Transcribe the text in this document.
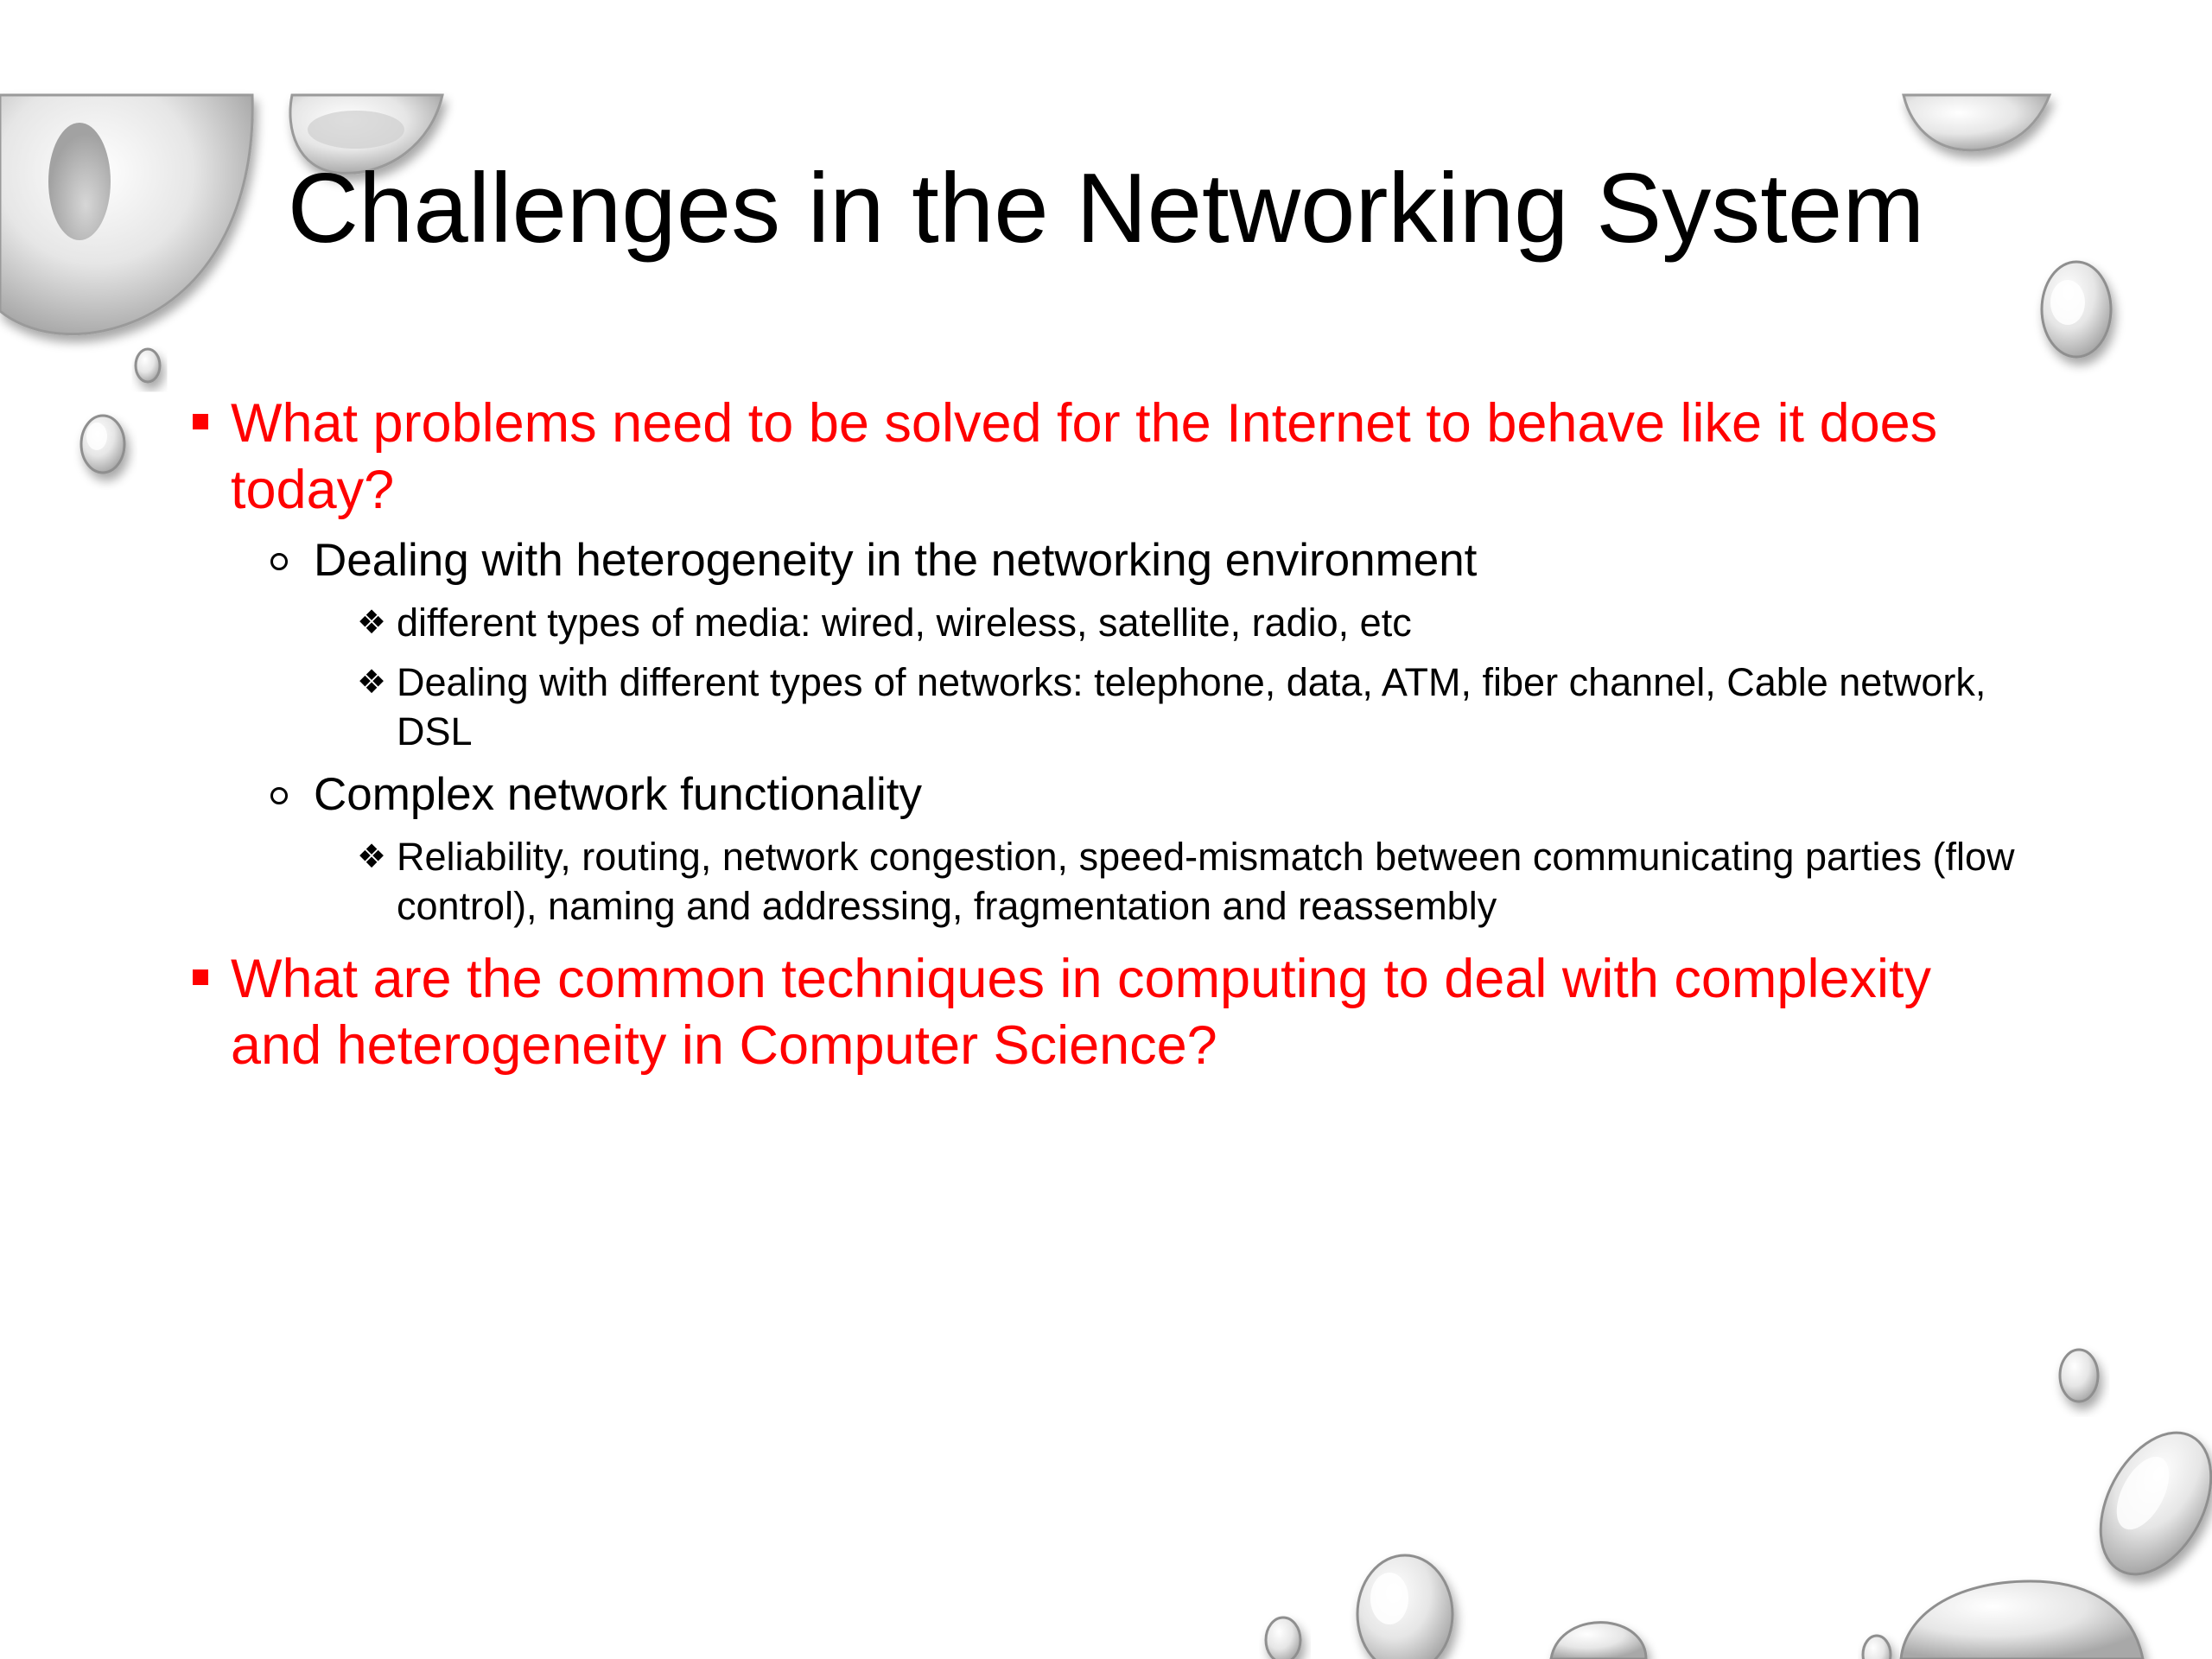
Challenges in the Networking System
What problems need to be solved for the Internet to behave like it does today?
Dealing with heterogeneity in the networking environment
❖ different types of media: wired, wireless, satellite, radio, etc
❖ Dealing with different types of networks: telephone, data, ATM, fiber channel, Cable network, DSL
Complex network functionality
❖ Reliability, routing, network congestion, speed-mismatch between communicating parties (flow control), naming and addressing, fragmentation and reassembly
What are the common techniques in computing to deal with complexity and heterogeneity in Computer Science?
